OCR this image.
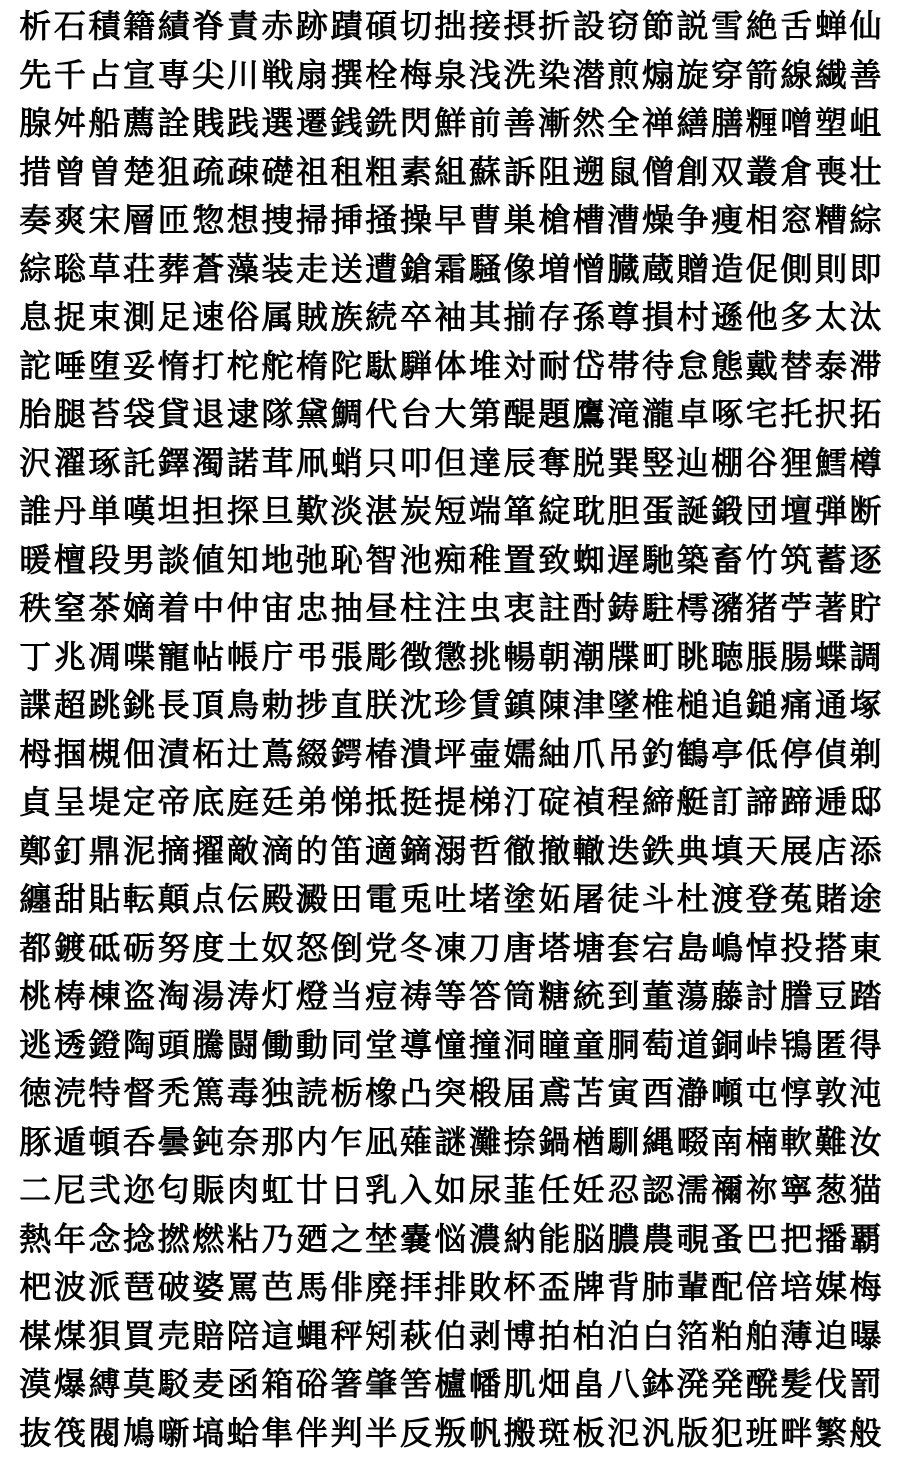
析 石 積 籍 績 脊 責 赤 跡 蹟 碩 切 拙 接 摂 折 設 窃 節 説 雪 絶 舌 蝉 仙
先 千 占 宣 専 尖 川 戦 扇 撰 栓 梅 泉 浅 洗 染 潜 煎 煽 旋 穿 箭 線 繊 善
腺 舛 船 薦 詮 賎 践 選 遷 銭 銑 閃 鮮 前 善 漸 然 全 禅 繕 膳 糎 噌 塑 岨
措 曾 曽 楚 狙 疏 疎 礎 祖 租 粗 素 組 蘇 訴 阻 遡 鼠 僧 創 双 叢 倉 喪 壮
奏 爽 宋 層 匝 惣 想 捜 掃 挿 掻 操 早 曹 巣 槍 槽 漕 燥 争 痩 相 窓 糟 綜
綜 聡 草 荘 葬 蒼 藻 装 走 送 遭 鎗 霜 騒 像 増 憎 臓 蔵 贈 造 促 側 則 即
息 捉 束 測 足 速 俗 属 賊 族 続 卒 袖 其 揃 存 孫 尊 損 村 遜 他 多 太 汰
詑 唾 堕 妥 惰 打 柁 舵 楕 陀 駄 騨 体 堆 対 耐 岱 帯 待 怠 態 戴 替 泰 滞
胎 腿 苔 袋 貸 退 逮 隊 黛 鯛 代 台 大 第 醍 題 鷹 滝 瀧 卓 啄 宅 托 択 拓
沢 濯 琢 託 鐸 濁 諾 茸 凧 蛸 只 叩 但 達 辰 奪 脱 巽 竪 辿 棚 谷 狸 鱈 樽
誰 丹 単 嘆 坦 担 探 旦 歎 淡 湛 炭 短 端 箪 綻 耽 胆 蛋 誕 鍛 団 壇 弾 断
暖 檀 段 男 談 値 知 地 弛 恥 智 池 痴 稚 置 致 蜘 遅 馳 築 畜 竹 筑 蓄 逐
秩 窒 茶 嫡 着 中 仲 宙 忠 抽 昼 柱 注 虫 衷 註 酎 鋳 駐 樗 瀦 猪 苧 著 貯
丁 兆 凋 喋 寵 帖 帳 庁 弔 張 彫 徴 懲 挑 暢 朝 潮 牒 町 眺 聴 脹 腸 蝶 調
諜 超 跳 銚 長 頂 鳥 勅 捗 直 朕 沈 珍 賃 鎮 陳 津 墜 椎 槌 追 鎚 痛 通 塚
栂 掴 槻 佃 漬 柘 辻 蔦 綴 鍔 椿 潰 坪 壷 嬬 紬 爪 吊 釣 鶴 亭 低 停 偵 剃
貞 呈 堤 定 帝 底 庭 廷 弟 悌 抵 挺 提 梯 汀 碇 禎 程 締 艇 訂 諦 蹄 逓 邸
鄭 釘 鼎 泥 摘 擢 敵 滴 的 笛 適 鏑 溺 哲 徹 撤 轍 迭 鉄 典 填 天 展 店 添
纏 甜 貼 転 顛 点 伝 殿 澱 田 電 兎 吐 堵 塗 妬 屠 徒 斗 杜 渡 登 菟 賭 途
都 鍍 砥 砺 努 度 土 奴 怒 倒 党 冬 凍 刀 唐 塔 塘 套 宕 島 嶋 悼 投 搭 東
桃 梼 棟 盗 淘 湯 涛 灯 燈 当 痘 祷 等 答 筒 糖 統 到 董 蕩 藤 討 謄 豆 踏
逃 透 鐙 陶 頭 騰 闘 働 動 同 堂 導 憧 撞 洞 瞳 童 胴 萄 道 銅 峠 鴇 匿 得
徳 涜 特 督 禿 篤 毒 独 読 栃 橡 凸 突 椴 届 鳶 苫 寅 酉 瀞 噸 屯 惇 敦 沌
豚 遁 頓 呑 曇 鈍 奈 那 内 乍 凪 薙 謎 灘 捺 鍋 楢 馴 縄 畷 南 楠 軟 難 汝
二 尼 弐 迩 匂 賑 肉 虹 廿 日 乳 入 如 尿 韮 任 妊 忍 認 濡 禰 祢 寧 葱 猫
熱 年 念 捻 撚 燃 粘 乃 廼 之 埜 嚢 悩 濃 納 能 脳 膿 農 覗 蚤 巴 把 播 覇
杷 波 派 琶 破 婆 罵 芭 馬 俳 廃 拝 排 敗 杯 盃 牌 背 肺 輩 配 倍 培 媒 梅
楳 煤 狽 買 売 賠 陪 這 蝿 秤 矧 萩 伯 剥 博 拍 柏 泊 白 箔 粕 舶 薄 迫 曝
漠 爆 縛 莫 駁 麦 函 箱 硲 箸 肇 筈 櫨 幡 肌 畑 畠 八 鉢 溌 発 醗 髪 伐 罰
抜 筏 閥 鳩 噺 塙 蛤 隼 伴 判 半 反 叛 帆 搬 斑 板 氾 汎 版 犯 班 畔 繁 般
